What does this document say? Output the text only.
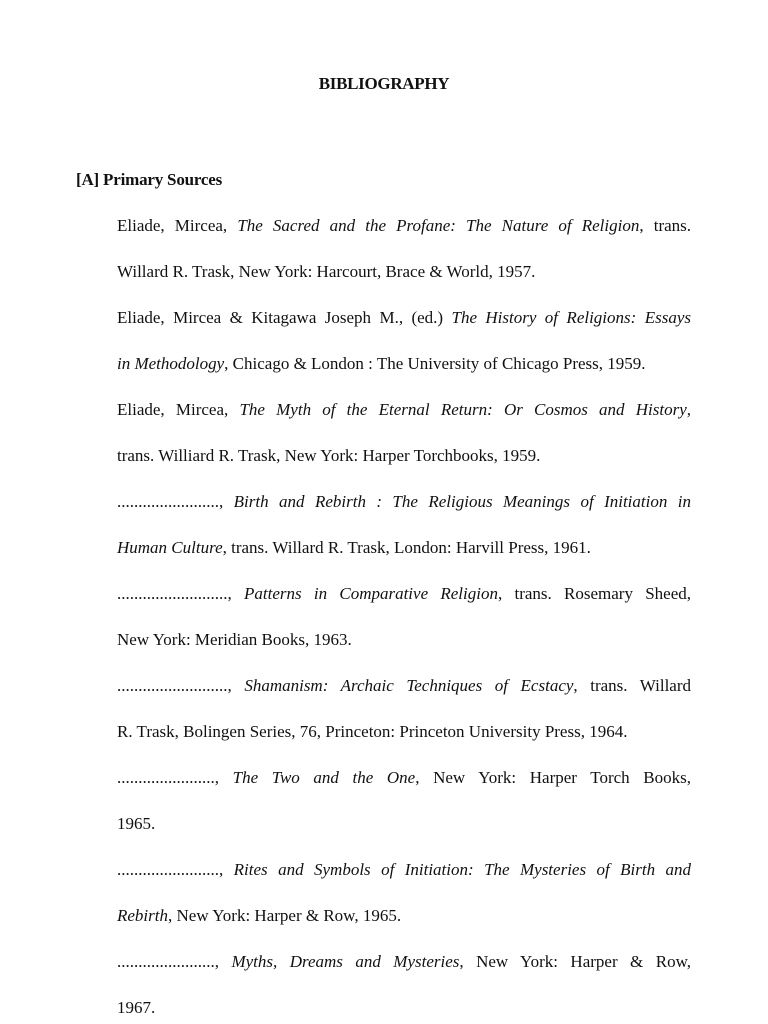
BIBLIOGRAPHY
[A] Primary Sources
Eliade, Mircea, The Sacred and the Profane: The Nature of Religion, trans.
Willard R. Trask, New York: Harcourt, Brace & World, 1957.
Eliade, Mircea & Kitagawa Joseph M., (ed.) The History of Religions: Essays
in Methodology, Chicago & London : The University of Chicago Press, 1959.
Eliade, Mircea, The Myth of the Eternal Return: Or Cosmos and History,
trans. Williard R. Trask, New York: Harper Torchbooks, 1959.
........................, Birth and Rebirth : The Religious Meanings of Initiation in
Human Culture, trans. Willard R. Trask, London: Harvill Press, 1961.
.........................., Patterns in Comparative Religion, trans. Rosemary Sheed,
New York: Meridian Books, 1963.
.........................., Shamanism: Archaic Techniques of Ecstacy, trans. Willard
R. Trask, Bolingen Series, 76, Princeton: Princeton University Press, 1964.
......................., The Two and the One, New York: Harper Torch Books,
1965.
........................, Rites and Symbols of Initiation: The Mysteries of Birth and
Rebirth, New York: Harper & Row, 1965.
......................., Myths, Dreams and Mysteries, New York: Harper & Row,
1967.
